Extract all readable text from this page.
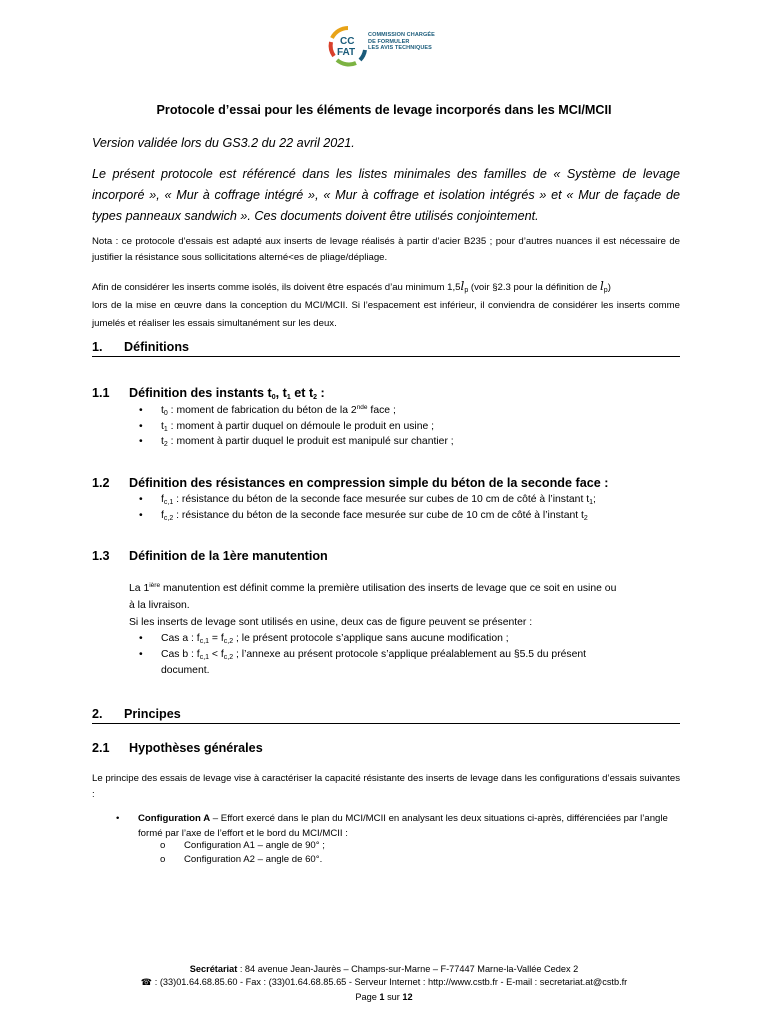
CC
FAT
COMMISSION CHARGÉE
DE FORMULER
LES AVIS TECHNIQUES
Protocole d’essai pour les éléments de levage incorporés dans les MCI/MCII
Version validée lors du GS3.2 du 22 avril 2021.
Le présent protocole est référencé dans les listes minimales des familles de « Système de levage incorporé », « Mur à coffrage intégré », « Mur à coffrage et isolation intégrés » et « Mur de façade de types panneaux sandwich ». Ces documents doivent être utilisés conjointement.
Nota : ce protocole d’essais est adapté aux inserts de levage réalisés à partir d’acier B235 ; pour d’autres nuances il est nécessaire de justifier la résistance sous sollicitations alterné<es de pliage/dépliage.
Afin de considérer les inserts comme isolés, ils doivent être espacés d’au minimum $1,5l_p$ (voir §2.3 pour la définition de $l_p$)
lors de la mise en œuvre dans la conception du MCI/MCII. Si l’espacement est inférieur, il conviendra de considérer les inserts comme jumelés et réaliser les essais simultanément sur les deux.
1. Définitions
1.1 Définition des instants $t_0$, $t_1$ et $t_2$ :
• $t_0$ : moment de fabrication du béton de la 2nde face ;
• $t_1$ : moment à partir duquel on démoule le produit en usine ;
• $t_2$ : moment à partir duquel le produit est manipulé sur chantier ;
1.2 Définition des résistances en compression simple du béton de la seconde face :
• $f_{c,1}$ : résistance du béton de la seconde face mesurée sur cubes de 10 cm de côté à l’instant $t_1$;
• $f_{c,2}$ : résistance du béton de la seconde face mesurée sur cube de 10 cm de côté à l’instant $t_2$
1.3 Définition de la 1ère manutention
La $1^{ière}$ manutention est définit comme la première utilisation des inserts de levage que ce soit en usine ou
à la livraison.
Si les inserts de levage sont utilisés en usine, deux cas de figure peuvent se présenter :
• Cas a : $f_{c,1} = f_{c,2}$ ; le présent protocole s’applique sans aucune modification ;
• Cas b : $f_{c,1} < f_{c,2}$ ; l’annexe au présent protocole s’applique préalablement au §5.5 du présent
document.
2. Principes
2.1 Hypothèses générales
Le principe des essais de levage vise à caractériser la capacité résistante des inserts de levage dans les configurations d’essais suivantes :
• Configuration A – Effort exercé dans le plan du MCI/MCII en analysant les deux situations ci-après, différenciées par l’angle formé par l’axe de l’effort et le bord du MCI/MCII :
o Configuration A1 – angle de 90° ;
o Configuration A2 – angle de 60°.
Secrétariat : 84 avenue Jean-Jaurès – Champs-sur-Marne – F-77447 Marne-la-Vallée Cedex 2
☎ : (33)01.64.68.85.60 - Fax : (33)01.64.68.85.65 - Serveur Internet : http://www.cstb.fr - E-mail : secretariat.at@cstb.fr
Page 1 sur 12
